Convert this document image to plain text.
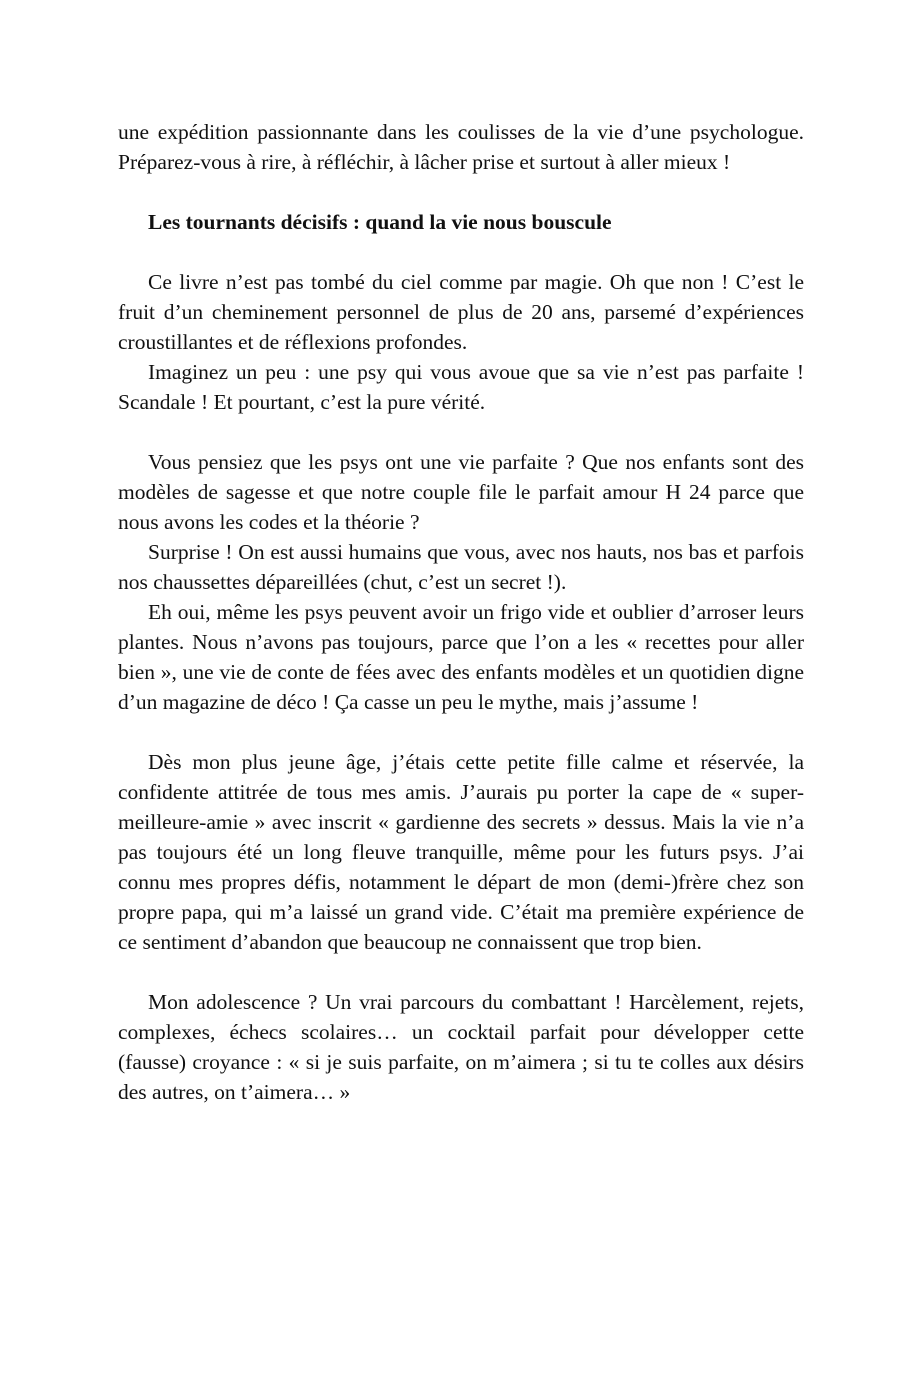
une expédition passionnante dans les coulisses de la vie d’une psychologue. Préparez-vous à rire, à réfléchir, à lâcher prise et surtout à aller mieux !

Les tournants décisifs : quand la vie nous bouscule

Ce livre n’est pas tombé du ciel comme par magie. Oh que non ! C’est le fruit d’un cheminement personnel de plus de 20 ans, parsemé d’expériences croustillantes et de réflexions profondes.

Imaginez un peu : une psy qui vous avoue que sa vie n’est pas parfaite ! Scandale ! Et pourtant, c’est la pure vérité.

Vous pensiez que les psys ont une vie parfaite ? Que nos enfants sont des modèles de sagesse et que notre couple file le parfait amour H 24 parce que nous avons les codes et la théorie ?

Surprise ! On est aussi humains que vous, avec nos hauts, nos bas et parfois nos chaussettes dépareillées (chut, c’est un secret !).

Eh oui, même les psys peuvent avoir un frigo vide et oublier d’arroser leurs plantes. Nous n’avons pas toujours, parce que l’on a les « recettes pour aller bien », une vie de conte de fées avec des enfants modèles et un quotidien digne d’un magazine de déco ! Ça casse un peu le mythe, mais j’assume !

Dès mon plus jeune âge, j’étais cette petite fille calme et réservée, la confidente attitrée de tous mes amis. J’aurais pu porter la cape de « super-meilleure-amie » avec inscrit « gardienne des secrets » dessus. Mais la vie n’a pas toujours été un long fleuve tranquille, même pour les futurs psys. J’ai connu mes propres défis, notamment le départ de mon (demi-)frère chez son propre papa, qui m’a laissé un grand vide. C’était ma première expérience de ce sentiment d’abandon que beaucoup ne connaissent que trop bien.

Mon adolescence ? Un vrai parcours du combattant ! Harcèlement, rejets, complexes, échecs scolaires… un cocktail parfait pour développer cette (fausse) croyance : « si je suis parfaite, on m’aimera ; si tu te colles aux désirs des autres, on t’aimera… »
